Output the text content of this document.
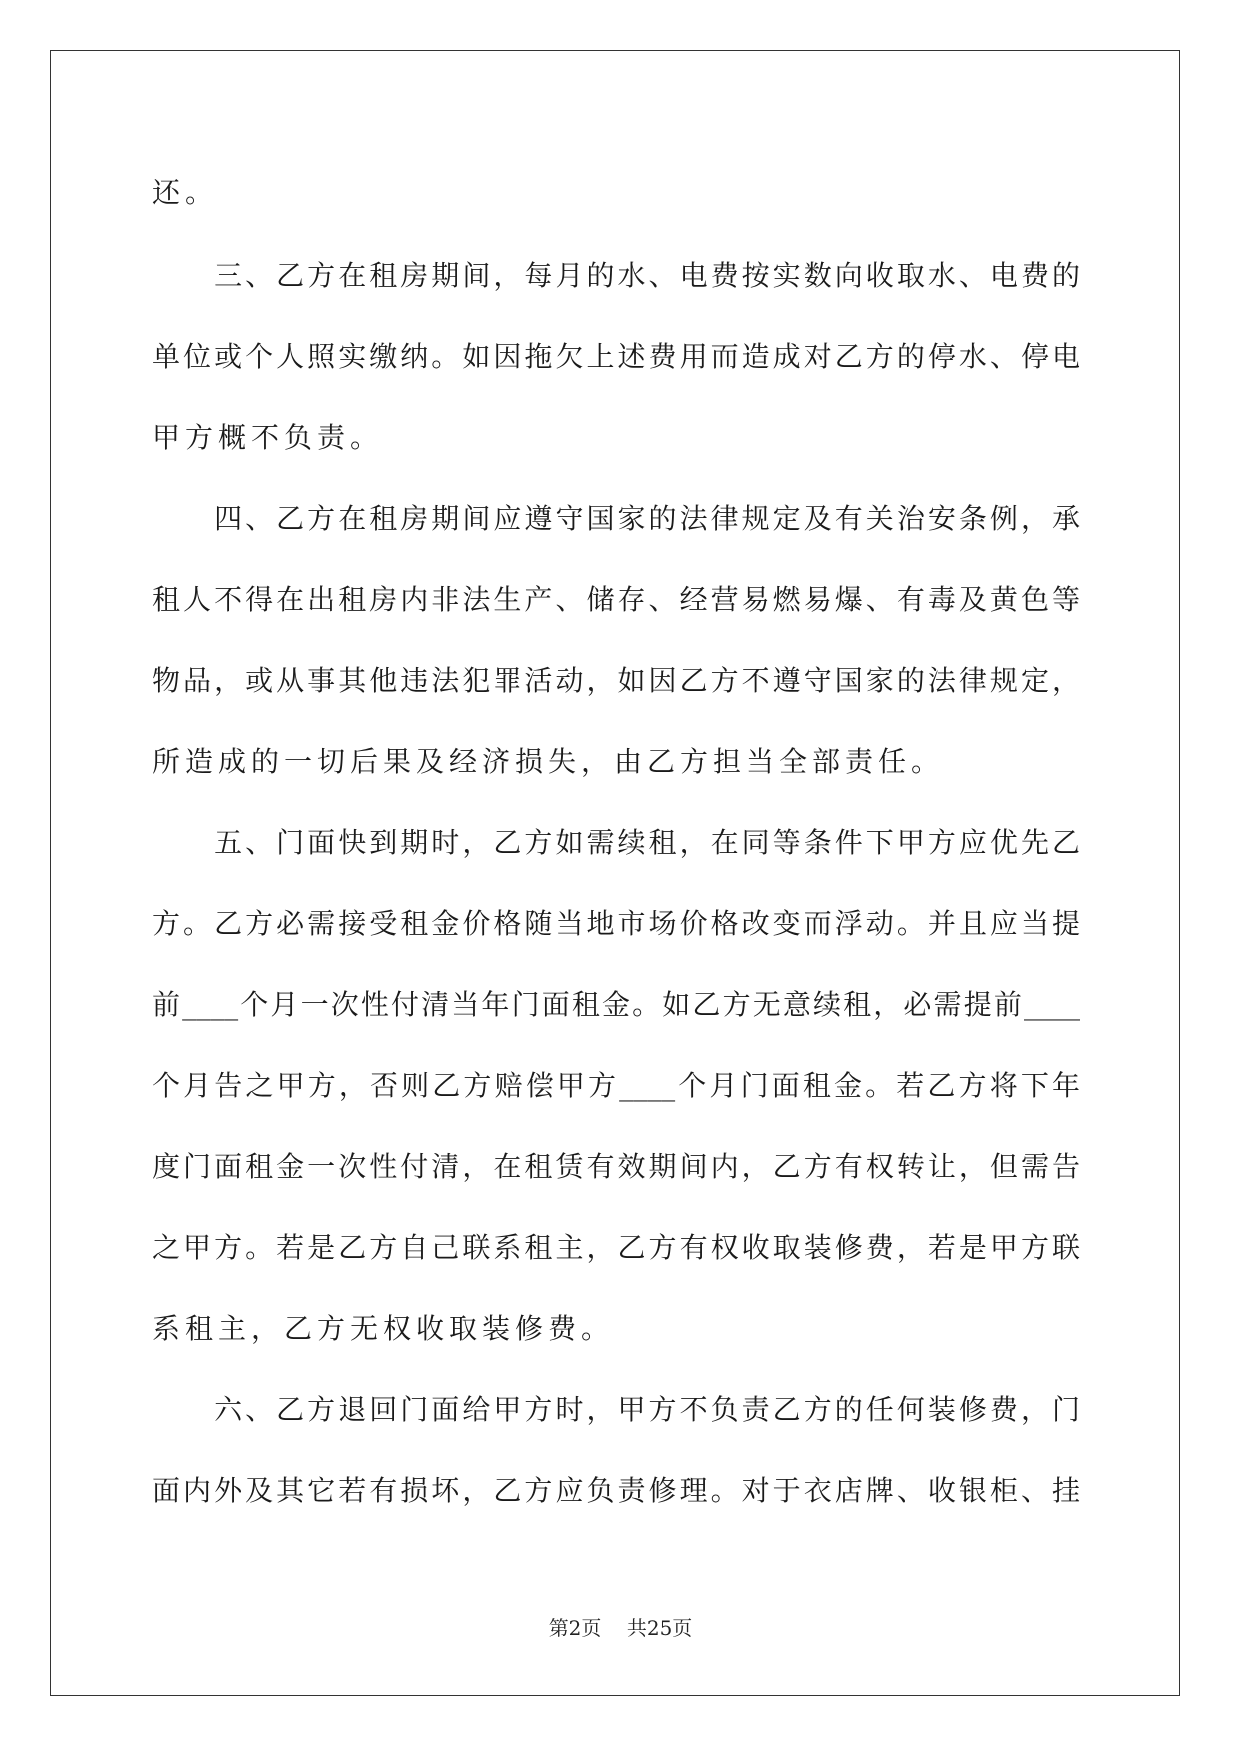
还。
　　三、乙方在租房期间，每月的水、电费按实数向收取水、电费的
单位或个人照实缴纳。如因拖欠上述费用而造成对乙方的停水、停电
甲方概不负责。
　　四、乙方在租房期间应遵守国家的法律规定及有关治安条例，承
租人不得在出租房内非法生产、储存、经营易燃易爆、有毒及黄色等
物品，或从事其他违法犯罪活动，如因乙方不遵守国家的法律规定，
所造成的一切后果及经济损失，由乙方担当全部责任。
　　五、门面快到期时，乙方如需续租，在同等条件下甲方应优先乙
方。乙方必需接受租金价格随当地市场价格改变而浮动。并且应当提
前____个月一次性付清当年门面租金。如乙方无意续租，必需提前____
个月告之甲方，否则乙方赔偿甲方____个月门面租金。若乙方将下年
度门面租金一次性付清，在租赁有效期间内，乙方有权转让，但需告
之甲方。若是乙方自己联系租主，乙方有权收取装修费，若是甲方联
系租主，乙方无权收取装修费。
　　六、乙方退回门面给甲方时，甲方不负责乙方的任何装修费，门
面内外及其它若有损坏，乙方应负责修理。对于衣店牌、收银柜、挂
第2页    共25页
